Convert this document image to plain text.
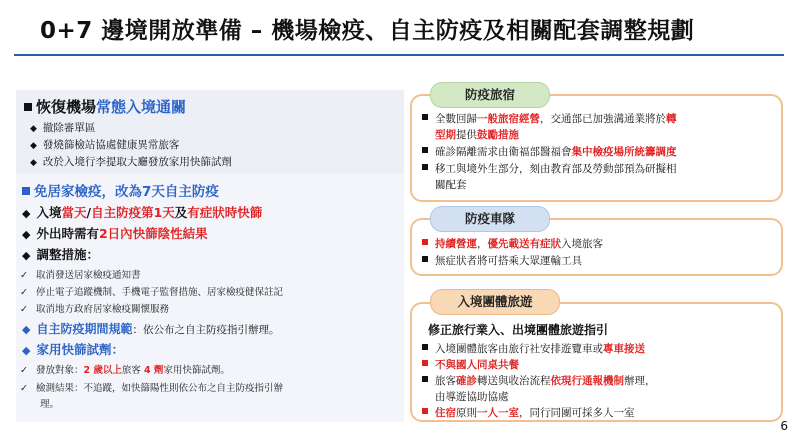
0+7 邊境開放準備 – 機場檢疫、自主防疫及相關配套調整規劃
恢復機場常態入境通關
◆ 撤除審單區
◆ 發燒篩檢站協處健康異常旅客
◆ 改於入境行李提取大廳發放家用快篩試劑
免居家檢疫，改為7天自主防疫
◆ 入境當天/自主防疫第1天及有症狀時快篩
◆ 外出時需有2日內快篩陰性結果
◆ 調整措施：
✓ 取消發送居家檢疫通知書
✓ 停止電子追蹤機制、手機電子監督措施、居家檢疫健保註記
✓ 取消地方政府居家檢疫關懷服務
◆ 自主防疫期間規範：依公布之自主防疫指引辦理。
◆ 家用快篩試劑：
✓ 發放對象：2 歲以上旅客 4 劑家用快篩試劑。
✓ 檢測結果：不追蹤，如快篩陽性則依公布之自主防疫指引辦
理。
防疫旅宿
全數回歸一般旅宿經營，交通部已加強溝通業將於轉
型期提供鼓勵措施
確診隔離需求由衛福部醫福會集中檢疫場所統籌調度
移工與境外生部分，刻由教育部及勞動部預為研擬相
關配套
防疫車隊
持續營運，優先載送有症狀入境旅客
無症狀者將可搭乘大眾運輸工具
入境團體旅遊
修正旅行業入、出境團體旅遊指引
入境團體旅客由旅行社安排遊覽車或專車接送
不與國人同桌共餐
旅客確診轉送與收治流程依現行通報機制辦理，
由導遊協助協處
住宿原則一人一室，同行同團可採多人一室
6
